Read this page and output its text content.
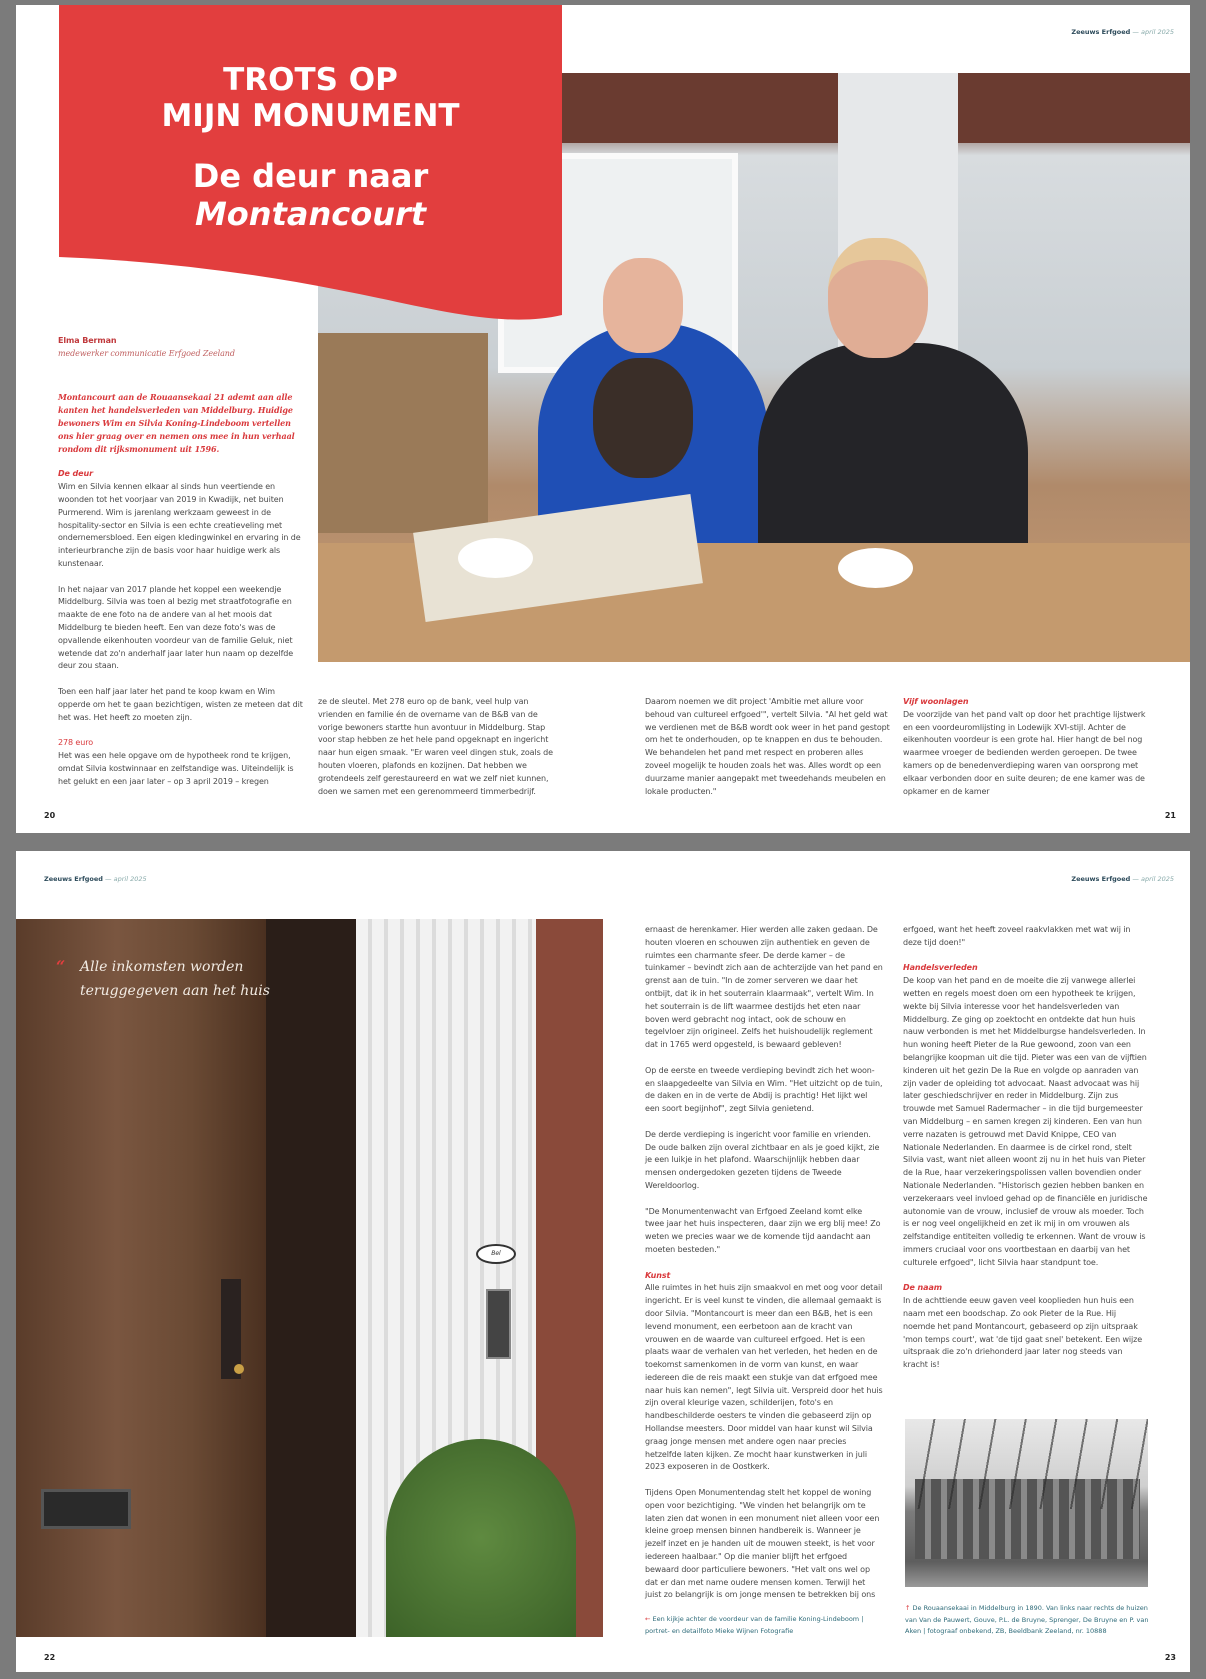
Zeeuws Erfgoed — april 2025
TROTS OP
MIJN MONUMENT
De deur naar
Montancourt
Elma Berman
medewerker communicatie Erfgoed Zeeland

Montancourt aan de Rouaansekaai 21 ademt aan alle kanten het handelsverleden van Middelburg. Huidige bewoners Wim en Silvia Koning-Lindeboom vertellen ons hier graag over en nemen ons mee in hun verhaal rondom dit rijksmonument uit 1596.

De deur

Wim en Silvia kennen elkaar al sinds hun veertiende en woonden tot het voorjaar van 2019 in Kwadijk, net buiten Purmerend. Wim is jarenlang werkzaam geweest in de hospitality-sector en Silvia is een echte creatieveling met ondernemersbloed. Een eigen kledingwinkel en ervaring in de interieurbranche zijn de basis voor haar huidige werk als kunstenaar.

In het najaar van 2017 plande het koppel een weekendje Middelburg. Silvia was toen al bezig met straatfotografie en maakte de ene foto na de andere van al het moois dat Middelburg te bieden heeft. Een van deze foto's was de opvallende eikenhouten voordeur van de familie Geluk, niet wetende dat zo'n anderhalf jaar later hun naam op dezelfde deur zou staan.

Toen een half jaar later het pand te koop kwam en Wim opperde om het te gaan bezichtigen, wisten ze meteen dat dit het was. Het heeft zo moeten zijn.

278 euro

Het was een hele opgave om de hypotheek rond te krijgen, omdat Silvia kostwinnaar en zelfstandige was. Uiteindelijk is het gelukt en een jaar later – op 3 april 2019 – kregen

ze de sleutel. Met 278 euro op de bank, veel hulp van vrienden en familie én de overname van de B&B van de vorige bewoners startte hun avontuur in Middelburg. Stap voor stap hebben ze het hele pand opgeknapt en ingericht naar hun eigen smaak. "Er waren veel dingen stuk, zoals de houten vloeren, plafonds en kozijnen. Dat hebben we grotendeels zelf gerestaureerd en wat we zelf niet kunnen, doen we samen met een gerenommeerd timmerbedrijf.

Daarom noemen we dit project 'Ambitie met allure voor behoud van cultureel erfgoed'", vertelt Silvia. "Al het geld wat we verdienen met de B&B wordt ook weer in het pand gestopt om het te onderhouden, op te knappen en dus te behouden. We behandelen het pand met respect en proberen alles zoveel mogelijk te houden zoals het was. Alles wordt op een duurzame manier aangepakt met tweedehands meubelen en lokale producten."

Vijf woonlagen

De voorzijde van het pand valt op door het prachtige lijstwerk en een voordeuromlijsting in Lodewijk XVI-stijl. Achter de eikenhouten voordeur is een grote hal. Hier hangt de bel nog waarmee vroeger de bedienden werden geroepen. De twee kamers op de benedenverdieping waren van oorsprong met elkaar verbonden door en suite deuren; de ene kamer was de opkamer en de kamer

20	21
Zeeuws Erfgoed — april 2025	Zeeuws Erfgoed — april 2025
Bel
“ Alle inkomsten worden teruggegeven aan het huis

ernaast de herenkamer. Hier werden alle zaken gedaan. De houten vloeren en schouwen zijn authentiek en geven de ruimtes een charmante sfeer. De derde kamer – de tuinkamer – bevindt zich aan de achterzijde van het pand en grenst aan de tuin. "In de zomer serveren we daar het ontbijt, dat ik in het souterrain klaarmaak", vertelt Wim. In het souterrain is de lift waarmee destijds het eten naar boven werd gebracht nog intact, ook de schouw en tegelvloer zijn origineel. Zelfs het huishoudelijk reglement dat in 1765 werd opgesteld, is bewaard gebleven!

Op de eerste en tweede verdieping bevindt zich het woon- en slaapgedeelte van Silvia en Wim. "Het uitzicht op de tuin, de daken en in de verte de Abdij is prachtig! Het lijkt wel een soort begijnhof", zegt Silvia genietend.

De derde verdieping is ingericht voor familie en vrienden. De oude balken zijn overal zichtbaar en als je goed kijkt, zie je een luikje in het plafond. Waarschijnlijk hebben daar mensen ondergedoken gezeten tijdens de Tweede Wereldoorlog.

"De Monumentenwacht van Erfgoed Zeeland komt elke twee jaar het huis inspecteren, daar zijn we erg blij mee! Zo weten we precies waar we de komende tijd aandacht aan moeten besteden."

Kunst

Alle ruimtes in het huis zijn smaakvol en met oog voor detail ingericht. Er is veel kunst te vinden, die allemaal gemaakt is door Silvia. "Montancourt is meer dan een B&B, het is een levend monument, een eerbetoon aan de kracht van vrouwen en de waarde van cultureel erfgoed. Het is een plaats waar de verhalen van het verleden, het heden en de toekomst samenkomen in de vorm van kunst, en waar iedereen die de reis maakt een stukje van dat erfgoed mee naar huis kan nemen", legt Silvia uit. Verspreid door het huis zijn overal kleurige vazen, schilderijen, foto's en handbeschilderde oesters te vinden die gebaseerd zijn op Hollandse meesters. Door middel van haar kunst wil Silvia graag jonge mensen met andere ogen naar precies hetzelfde laten kijken. Ze mocht haar kunstwerken in juli 2023 exposeren in de Oostkerk.

Tijdens Open Monumentendag stelt het koppel de woning open voor bezichtiging. "We vinden het belangrijk om te laten zien dat wonen in een monument niet alleen voor een kleine groep mensen binnen handbereik is. Wanneer je jezelf inzet en je handen uit de mouwen steekt, is het voor iedereen haalbaar." Op die manier blijft het erfgoed bewaard door particuliere bewoners. "Het valt ons wel op dat er dan met name oudere mensen komen. Terwijl het juist zo belangrijk is om jonge mensen te betrekken bij ons

← Een kijkje achter de voordeur van de familie Koning-Lindeboom | portret- en detailfoto Mieke Wijnen Fotografie

erfgoed, want het heeft zoveel raakvlakken met wat wij in deze tijd doen!"

Handelsverleden

De koop van het pand en de moeite die zij vanwege allerlei wetten en regels moest doen om een hypotheek te krijgen, wekte bij Silvia interesse voor het handelsverleden van Middelburg. Ze ging op zoektocht en ontdekte dat hun huis nauw verbonden is met het Middelburgse handelsverleden. In hun woning heeft Pieter de la Rue gewoond, zoon van een belangrijke koopman uit die tijd. Pieter was een van de vijftien kinderen uit het gezin De la Rue en volgde op aanraden van zijn vader de opleiding tot advocaat. Naast advocaat was hij later geschiedschrijver en reder in Middelburg. Zijn zus trouwde met Samuel Radermacher – in die tijd burgemeester van Middelburg – en samen kregen zij kinderen. Een van hun verre nazaten is getrouwd met David Knippe, CEO van Nationale Nederlanden. En daarmee is de cirkel rond, stelt Silvia vast, want niet alleen woont zij nu in het huis van Pieter de la Rue, haar verzekeringspolissen vallen bovendien onder Nationale Nederlanden. "Historisch gezien hebben banken en verzekeraars veel invloed gehad op de financiële en juridische autonomie van de vrouw, inclusief de vrouw als moeder. Toch is er nog veel ongelijkheid en zet ik mij in om vrouwen als zelfstandige entiteiten volledig te erkennen. Want de vrouw is immers cruciaal voor ons voortbestaan en daarbij van het culturele erfgoed", licht Silvia haar standpunt toe.

De naam

In de achttiende eeuw gaven veel kooplieden hun huis een naam met een boodschap. Zo ook Pieter de la Rue. Hij noemde het pand Montancourt, gebaseerd op zijn uitspraak 'mon temps court', wat 'de tijd gaat snel' betekent. Een wijze uitspraak die zo'n driehonderd jaar later nog steeds van kracht is!

↑ De Rouaansekaai in Middelburg in 1890. Van links naar rechts de huizen van Van de Pauwert, Gouve, P.L. de Bruyne, Sprenger, De Bruyne en P. van Aken | fotograaf onbekend, ZB, Beeldbank Zeeland, nr. 10888
22	23
